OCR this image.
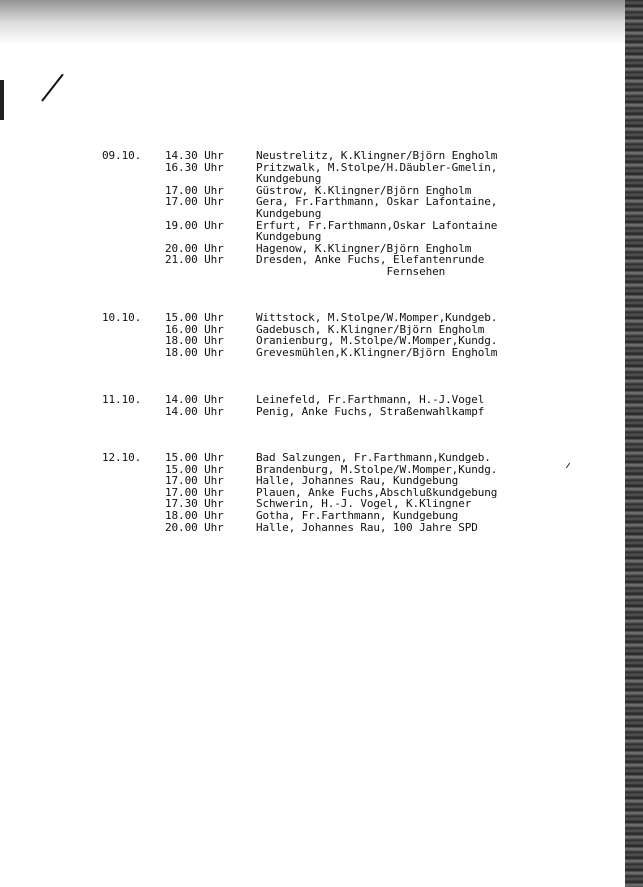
09.10. 14.30 Uhr	Neustrelitz, K.Klingner/Björn Engholm
16.30 Uhr	Pritzwalk, M.Stolpe/H.Däubler-Gmelin,
Kundgebung
17.00 Uhr	Güstrow, K.Klingner/Björn Engholm
17.00 Uhr	Gera, Fr.Farthmann, Oskar Lafontaine,
Kundgebung
19.00 Uhr	Erfurt, Fr.Farthmann,Oskar Lafontaine
Kundgebung
20.00 Uhr	Hagenow, K.Klingner/Björn Engholm
21.00 Uhr	Dresden, Anke Fuchs, Elefantenrunde
Fernsehen
10.10. 15.00 Uhr	Wittstock, M.Stolpe/W.Momper,Kundgeb.
16.00 Uhr	Gadebusch, K.Klingner/Björn Engholm
18.00 Uhr	Oranienburg, M.Stolpe/W.Momper,Kundg.
18.00 Uhr	Grevesmühlen,K.Klingner/Björn Engholm
11.10. 14.00 Uhr	Leinefeld, Fr.Farthmann, H.-J.Vogel
14.00 Uhr	Penig, Anke Fuchs, Straßenwahlkampf
12.10. 15.00 Uhr	Bad Salzungen, Fr.Farthmann,Kundgeb.
15.00 Uhr	Brandenburg, M.Stolpe/W.Momper,Kundg.
17.00 Uhr	Halle, Johannes Rau, Kundgebung
17.00 Uhr	Plauen, Anke Fuchs,Abschlußkundgebung
17.30 Uhr	Schwerin, H.-J. Vogel, K.Klingner
18.00 Uhr	Gotha, Fr.Farthmann, Kundgebung
20.00 Uhr	Halle, Johannes Rau, 100 Jahre SPD
